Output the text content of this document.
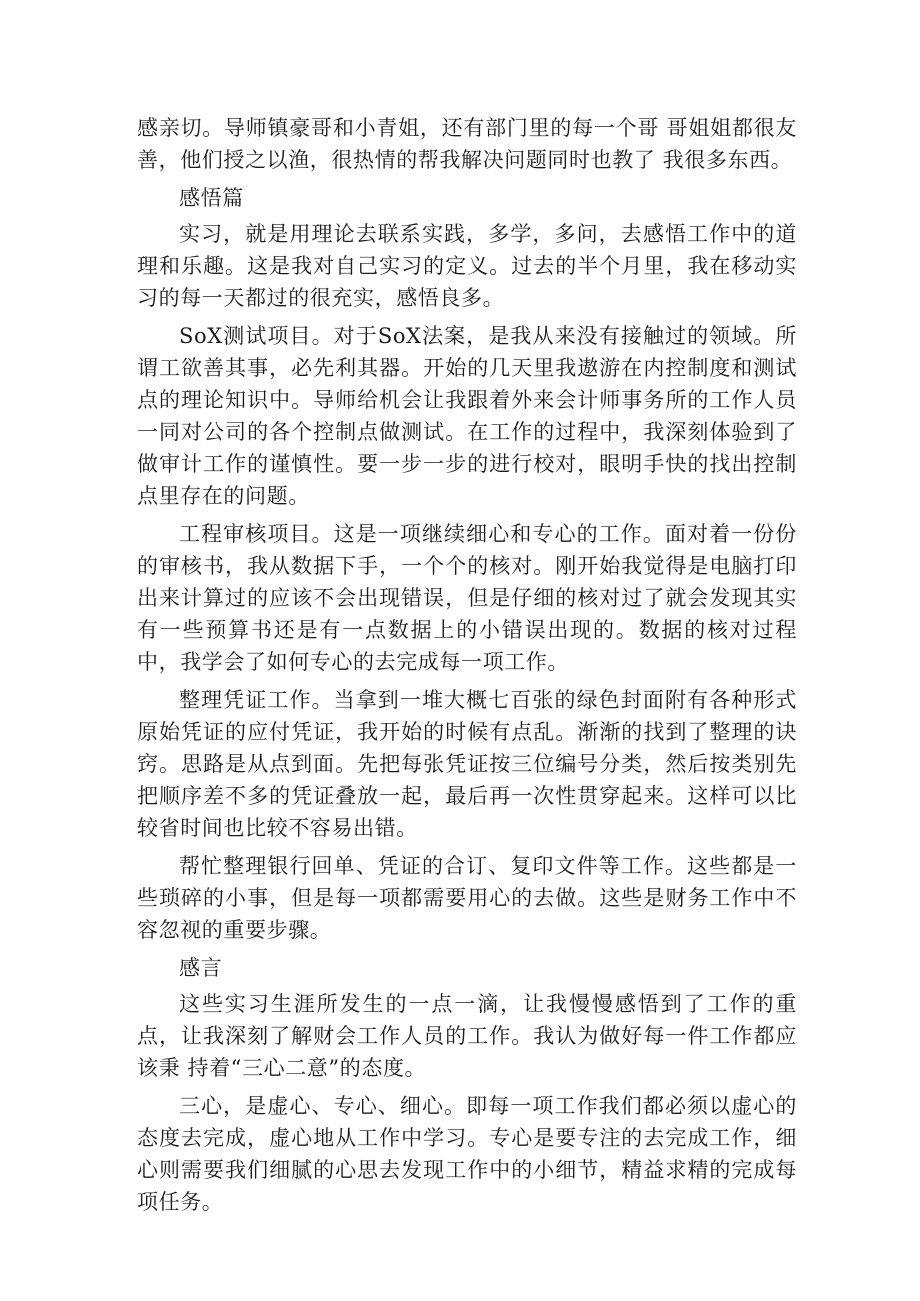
感亲切。导师镇豪哥和小青姐，还有部门里的每一个哥 哥姐姐都很友善，他们授之以渔，很热情的帮我解决问题同时也教了 我很多东西。

感悟篇

实习，就是用理论去联系实践，多学，多问，去感悟工作中的道 理和乐趣。这是我对自己实习的定义。过去的半个月里，我在移动实 习的每一天都过的很充实，感悟良多。

SoX测试项目。对于SoX法案，是我从来没有接触过的领域。所 谓工欲善其事，必先利其器。开始的几天里我遨游在内控制度和测试 点的理论知识中。导师给机会让我跟着外来会计师事务所的工作人员 一同对公司的各个控制点做测试。在工作的过程中，我深刻体验到了 做审计工作的谨慎性。要一步一步的进行校对，眼明手快的找出控制 点里存在的问题。

工程审核项目。这是一项继续细心和专心的工作。面对着一份份 的审核书，我从数据下手，一个个的核对。刚开始我觉得是电脑打印 出来计算过的应该不会出现错误，但是仔细的核对过了就会发现其实 有一些预算书还是有一点数据上的小错误出现的。数据的核对过程中，我学会了如何专心的去完成每一项工作。

整理凭证工作。当拿到一堆大概七百张的绿色封面附有各种形式 原始凭证的应付凭证，我开始的时候有点乱。渐渐的找到了整理的诀 窍。思路是从点到面。先把每张凭证按三位编号分类，然后按类别先 把顺序差不多的凭证叠放一起，最后再一次性贯穿起来。这样可以比 较省时间也比较不容易出错。

帮忙整理银行回单、凭证的合订、复印文件等工作。这些都是一 些琐碎的小事，但是每一项都需要用心的去做。这些是财务工作中不 容忽视的重要步骤。

感言

这些实习生涯所发生的一点一滴，让我慢慢感悟到了工作的重点，让我深刻了解财会工作人员的工作。我认为做好每一件工作都应该秉 持着“三心二意”的态度。

三心，是虚心、专心、细心。即每一项工作我们都必须以虚心的 态度去完成，虚心地从工作中学习。专心是要专注的去完成工作，细 心则需要我们细腻的心思去发现工作中的小细节，精益求精的完成每 项任务。
